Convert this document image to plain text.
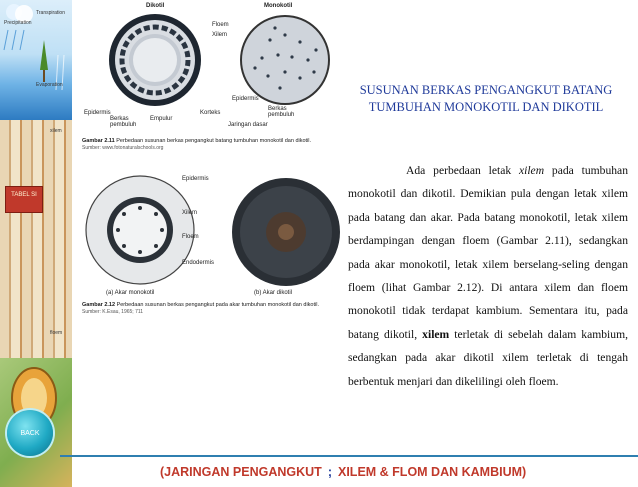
Precipitation
Transpiration
Evaporation
xilem
floem
TABEL SI
BACK
Dikotil	Monokotil
Floem
Xilem
Epidermis
Berkas pembuluh
Empulur
Korteks
Epidermis
Berkas pembuluh
Jaringan dasar
Gambar 2.11 Perbedaan susunan berkas pengangkut batang tumbuhan monokotil dan dikotil.
Sumber: www.fotonaturalschools.org
Epidermis
Xilem
Floem
Endodermis
(a) Akar monokotil	(b) Akar dikotil
Gambar 2.12 Perbedaan susunan berkas pengangkut pada akar tumbuhan monokotil dan dikotil.
Sumber: K.Esau, 1965; 711
SUSUNAN BERKAS PENGANGKUT BATANG
TUMBUHAN MONOKOTIL DAN DIKOTIL

Ada perbedaan letak xilem pada tumbuhan monokotil dan dikotil. Demikian pula dengan letak xilem pada batang dan akar. Pada batang monokotil, letak xilem berdampingan dengan floem (Gambar 2.11), sedangkan pada akar monokotil, letak xilem berselang-seling dengan floem (lihat Gambar 2.12). Di antara xilem dan floem monokotil tidak terdapat kambium. Sementara itu, pada batang dikotil, xilem terletak di sebelah dalam kambium, sedangkan pada akar dikotil xilem terletak di tengah berbentuk menjari dan dikelilingi oleh floem.

( JARINGAN PENGANGKUT ; XILEM & FLOM DAN KAMBIUM )
